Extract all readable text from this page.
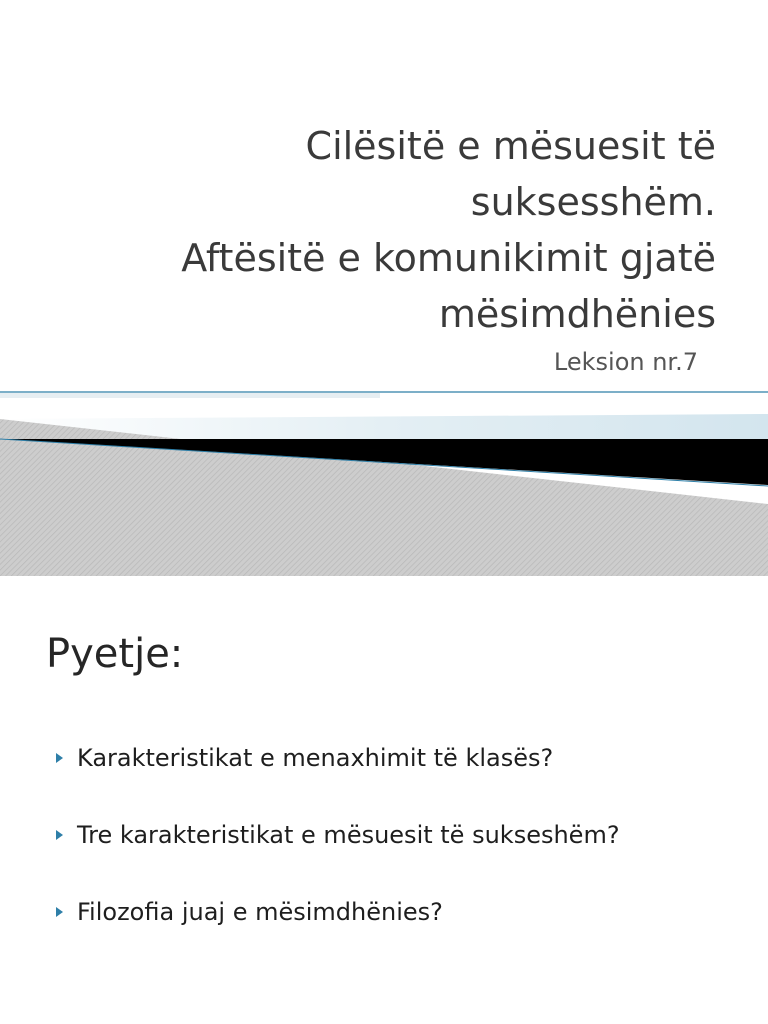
Cilësitë e mësuesit të
suksesshëm.
Aftësitë e komunikimit gjatë
mësimdhënies

Leksion nr.7

Pyetje:
Karakteristikat e menaxhimit të klasës?
Tre karakteristikat e mësuesit të sukseshëm?
Filozofia juaj e mësimdhënies?
